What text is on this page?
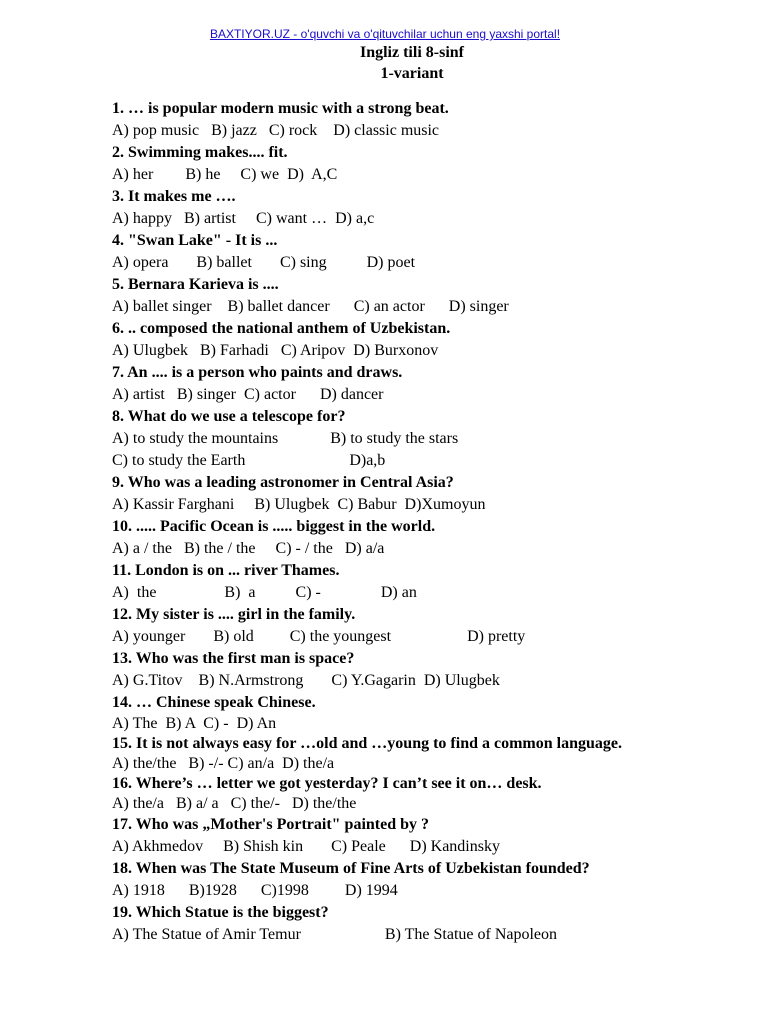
BAXTIYOR.UZ - o'quvchi va o'qituvchilar uchun eng yaxshi portal!
Ingliz tili 8-sinf
1-variant
1. … is popular modern music with a strong beat.
A) pop music   B) jazz   C) rock    D) classic music
2. Swimming makes.... fit.
A) her        B) he     C) we  D)  A,C
3. It makes me ….
A) happy   B) artist     C) want …  D) a,c
4. "Swan Lake" - It is ...
A) opera       B) ballet       C) sing          D) poet
5. Bernara Karieva is ....
A) ballet singer    B) ballet dancer      C) an actor      D) singer
6. .. composed the national anthem of Uzbekistan.
A) Ulugbek   B) Farhadi   C) Aripov  D) Burxonov
7. An .... is a person who paints and draws.
A) artist   B) singer  C) actor      D) dancer
8. What do we use a telescope for?
A) to study the mountains             B) to study the stars
C) to study the Earth                          D)a,b
9. Who was a leading astronomer in Central Asia?
A) Kassir Farghani     B) Ulugbek  C) Babur  D)Xumoyun
10. ..... Pacific Ocean is ..... biggest in the world.
A) a / the   B) the / the     C) - / the   D) a/a
11. London is on ... river Thames.
A)  the                 B)  a          C) -               D) an
12. My sister is .... girl in the family.
A) younger       B) old         C) the youngest                   D) pretty
13. Who was the first man is space?
A) G.Titov    B) N.Armstrong       C) Y.Gagarin  D) Ulugbek
14. … Chinese speak Chinese.
A) The  B) A  C) -  D) An
15. It is not always easy for …old and …young to find a common language.
A) the/the   B) -/- C) an/a  D) the/a
16. Where’s … letter we got yesterday? I can’t see it on… desk.
A) the/a   B) a/ a   C) the/-   D) the/the
17. Who was „Mother's Portrait" painted by ?
A) Akhmedov     B) Shish kin       C) Peale      D) Kandinsky
18. When was The State Museum of Fine Arts of Uzbekistan founded?
A) 1918      B)1928      C)1998         D) 1994
19. Which Statue is the biggest?
A) The Statue of Amir Temur                     B) The Statue of Napoleon
